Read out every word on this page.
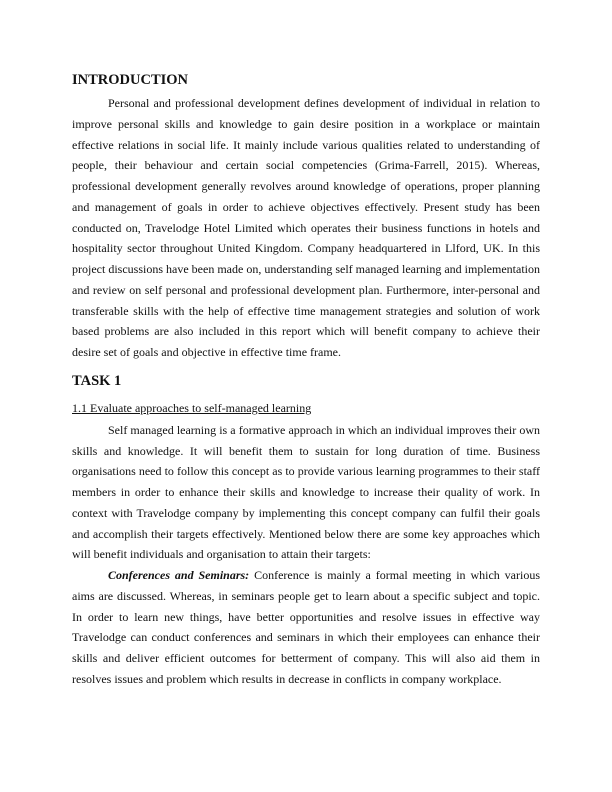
INTRODUCTION
Personal and professional development defines development of individual in relation to
improve personal skills and knowledge to gain desire position in a workplace or maintain
effective relations in social life. It mainly include various qualities related to understanding of
people, their behaviour and certain social competencies (Grima-Farrell, 2015). Whereas,
professional development generally revolves around knowledge of operations, proper planning
and management of goals in order to achieve objectives effectively. Present study has been
conducted on, Travelodge Hotel Limited which operates their business functions in hotels and
hospitality sector throughout United Kingdom. Company headquartered in Llford, UK. In this
project discussions have been made on, understanding self managed learning and implementation
and review on self personal and professional development plan. Furthermore, inter-personal and
transferable skills with the help of effective time management strategies and solution of work
based problems are also included in this report which will benefit company to achieve their
desire set of goals and objective in effective time frame.
TASK 1
1.1 Evaluate approaches to self-managed learning
Self managed learning is a formative approach in which an individual improves their own
skills and knowledge. It will benefit them to sustain for long duration of time. Business
organisations need to follow this concept as to provide various learning programmes to their staff
members in order to enhance their skills and knowledge to increase their quality of work. In
context with Travelodge company by implementing this concept company can fulfil their goals
and accomplish their targets effectively. Mentioned below there are some key approaches which
will benefit individuals and organisation to attain their targets:
Conferences and Seminars: Conference is mainly a formal meeting in which various
aims are discussed. Whereas, in seminars people get to learn about a specific subject and topic.
In order to learn new things, have better opportunities and resolve issues in effective way
Travelodge can conduct conferences and seminars in which their employees can enhance their
skills and deliver efficient outcomes for betterment of company. This will also aid them in
resolves issues and problem which results in decrease in conflicts in company workplace.
